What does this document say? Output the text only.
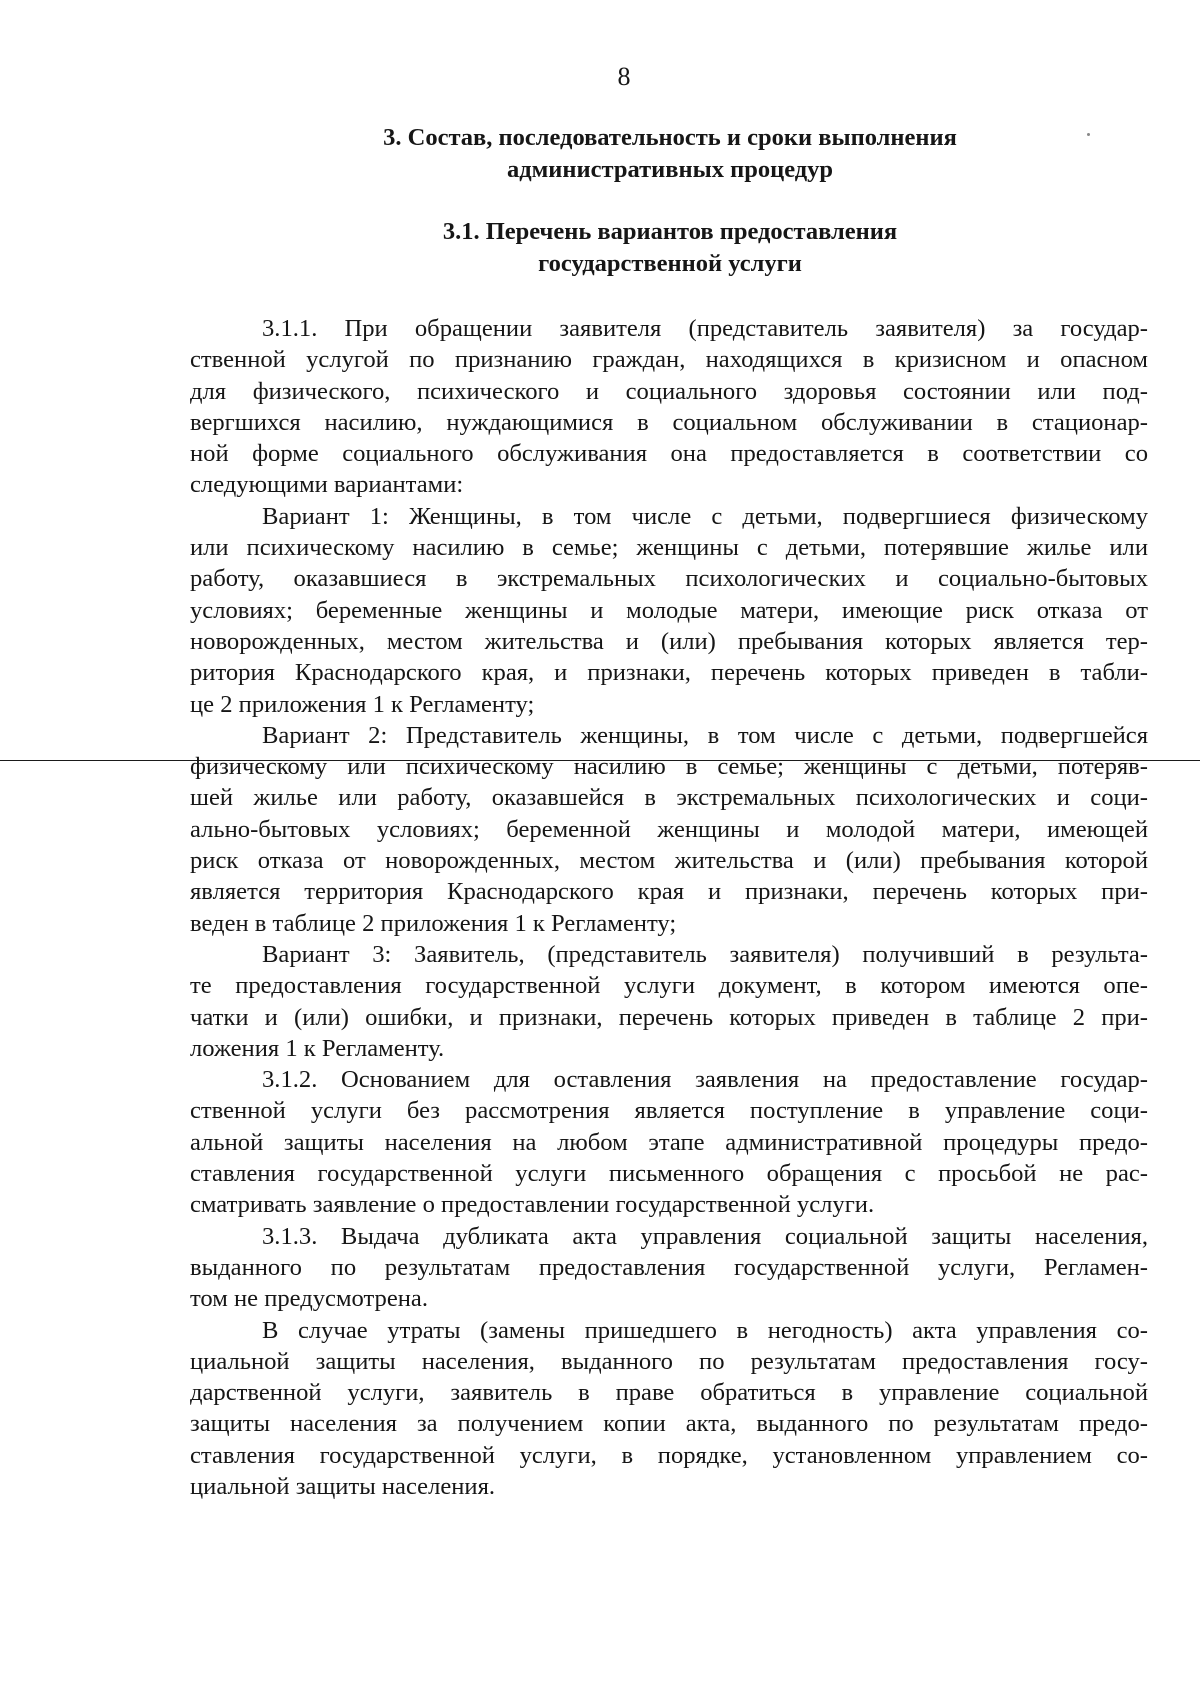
8
3. Состав, последовательность и сроки выполнения
административных процедур
3.1. Перечень вариантов предоставления
государственной услуги
3.1.1. При обращении заявителя (представитель заявителя) за государ-
ственной услугой по признанию граждан, находящихся в кризисном и опасном
для физического, психического и социального здоровья состоянии или под-
вергшихся насилию, нуждающимися в социальном обслуживании в стационар-
ной форме социального обслуживания она предоставляется в соответствии со
следующими вариантами:
Вариант 1: Женщины, в том числе с детьми, подвергшиеся физическому
или психическому насилию в семье; женщины с детьми, потерявшие жилье или
работу, оказавшиеся в экстремальных психологических и социально-бытовых
условиях; беременные женщины и молодые матери, имеющие риск отказа от
новорожденных, местом жительства и (или) пребывания которых является тер-
ритория Краснодарского края, и признаки, перечень которых приведен в табли-
це 2 приложения 1 к Регламенту;
Вариант 2: Представитель женщины, в том числе с детьми, подвергшейся
физическому или психическому насилию в семье; женщины с детьми, потеряв-
шей жилье или работу, оказавшейся в экстремальных психологических и соци-
ально-бытовых условиях; беременной женщины и молодой матери, имеющей
риск отказа от новорожденных, местом жительства и (или) пребывания которой
является территория Краснодарского края и признаки, перечень которых при-
веден в таблице 2 приложения 1 к Регламенту;
Вариант 3: Заявитель, (представитель заявителя) получивший в результа-
те предоставления государственной услуги документ, в котором имеются опе-
чатки и (или) ошибки, и признаки, перечень которых приведен в таблице 2 при-
ложения 1 к Регламенту.
3.1.2. Основанием для оставления заявления на предоставление государ-
ственной услуги без рассмотрения является поступление в управление соци-
альной защиты населения на любом этапе административной процедуры предо-
ставления государственной услуги письменного обращения с просьбой не рас-
сматривать заявление о предоставлении государственной услуги.
3.1.3. Выдача дубликата акта управления социальной защиты населения,
выданного по результатам предоставления государственной услуги, Регламен-
том не предусмотрена.
В случае утраты (замены пришедшего в негодность) акта управления со-
циальной защиты населения, выданного по результатам предоставления госу-
дарственной услуги, заявитель в праве обратиться в управление социальной
защиты населения за получением копии акта, выданного по результатам предо-
ставления государственной услуги, в порядке, установленном управлением со-
циальной защиты населения.
